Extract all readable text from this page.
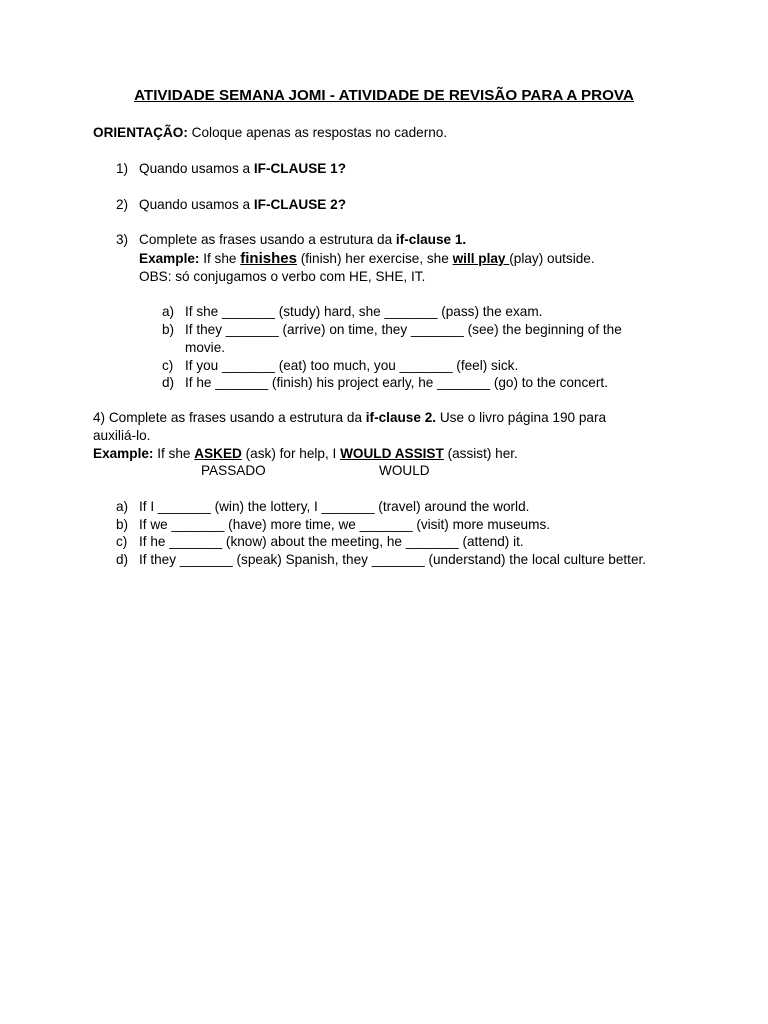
ATIVIDADE SEMANA JOMI - ATIVIDADE DE REVISÃO PARA A PROVA
ORIENTAÇÃO: Coloque apenas as respostas no caderno.
1) Quando usamos a IF-CLAUSE 1?
2) Quando usamos a IF-CLAUSE 2?
3) Complete as frases usando a estrutura da if-clause 1.
Example: If she finishes (finish) her exercise, she will play (play) outside.
OBS: só conjugamos o verbo com HE, SHE, IT.
a) If she _______ (study) hard, she _______ (pass) the exam.
b) If they _______ (arrive) on time, they _______ (see) the beginning of the
movie.
c) If you _______ (eat) too much, you _______ (feel) sick.
d) If he _______ (finish) his project early, he _______ (go) to the concert.
4) Complete as frases usando a estrutura da if-clause 2. Use o livro página 190 para
auxiliá-lo.
Example: If she ASKED (ask) for help, I WOULD ASSIST (assist) her.
PASSADO	WOULD
a) If I _______ (win) the lottery, I _______ (travel) around the world.
b) If we _______ (have) more time, we _______ (visit) more museums.
c) If he _______ (know) about the meeting, he _______ (attend) it.
d) If they _______ (speak) Spanish, they _______ (understand) the local culture better.
